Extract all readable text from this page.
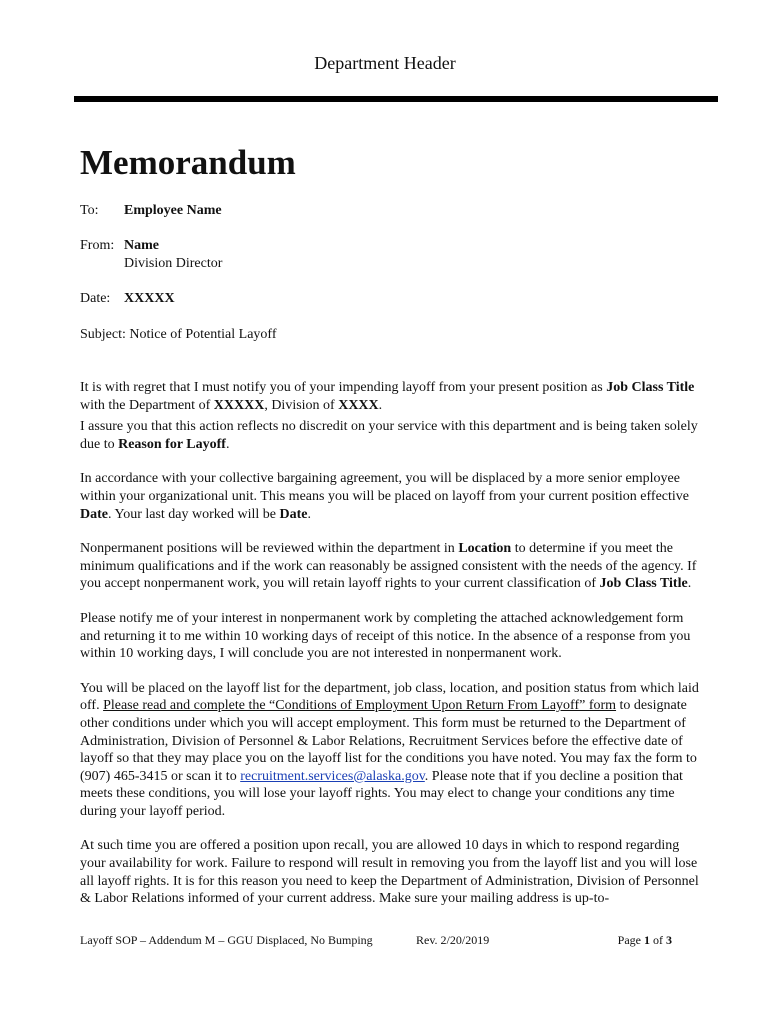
Department Header
Memorandum
To: Employee Name
From: Name
Division Director
Date: XXXXX
Subject: Notice of Potential Layoff

It is with regret that I must notify you of your impending layoff from your present position as Job Class Title with the Department of XXXXX, Division of XXXX.

I assure you that this action reflects no discredit on your service with this department and is being taken solely due to Reason for Layoff.

In accordance with your collective bargaining agreement, you will be displaced by a more senior employee within your organizational unit. This means you will be placed on layoff from your current position effective Date. Your last day worked will be Date.

Nonpermanent positions will be reviewed within the department in Location to determine if you meet the minimum qualifications and if the work can reasonably be assigned consistent with the needs of the agency. If you accept nonpermanent work, you will retain layoff rights to your current classification of Job Class Title.

Please notify me of your interest in nonpermanent work by completing the attached acknowledgement form and returning it to me within 10 working days of receipt of this notice. In the absence of a response from you within 10 working days, I will conclude you are not interested in nonpermanent work.

You will be placed on the layoff list for the department, job class, location, and position status from which laid off. Please read and complete the “Conditions of Employment Upon Return From Layoff” form to designate other conditions under which you will accept employment. This form must be returned to the Department of Administration, Division of Personnel & Labor Relations, Recruitment Services before the effective date of layoff so that they may place you on the layoff list for the conditions you have noted. You may fax the form to (907) 465-3415 or scan it to recruitment.services@alaska.gov. Please note that if you decline a position that meets these conditions, you will lose your layoff rights. You may elect to change your conditions any time during your layoff period.

At such time you are offered a position upon recall, you are allowed 10 days in which to respond regarding your availability for work. Failure to respond will result in removing you from the layoff list and you will lose all layoff rights. It is for this reason you need to keep the Department of Administration, Division of Personnel & Labor Relations informed of your current address. Make sure your mailing address is up-to-

Layoff SOP – Addendum M – GGU Displaced, No Bumping	Rev. 2/20/2019	Page 1 of 3
